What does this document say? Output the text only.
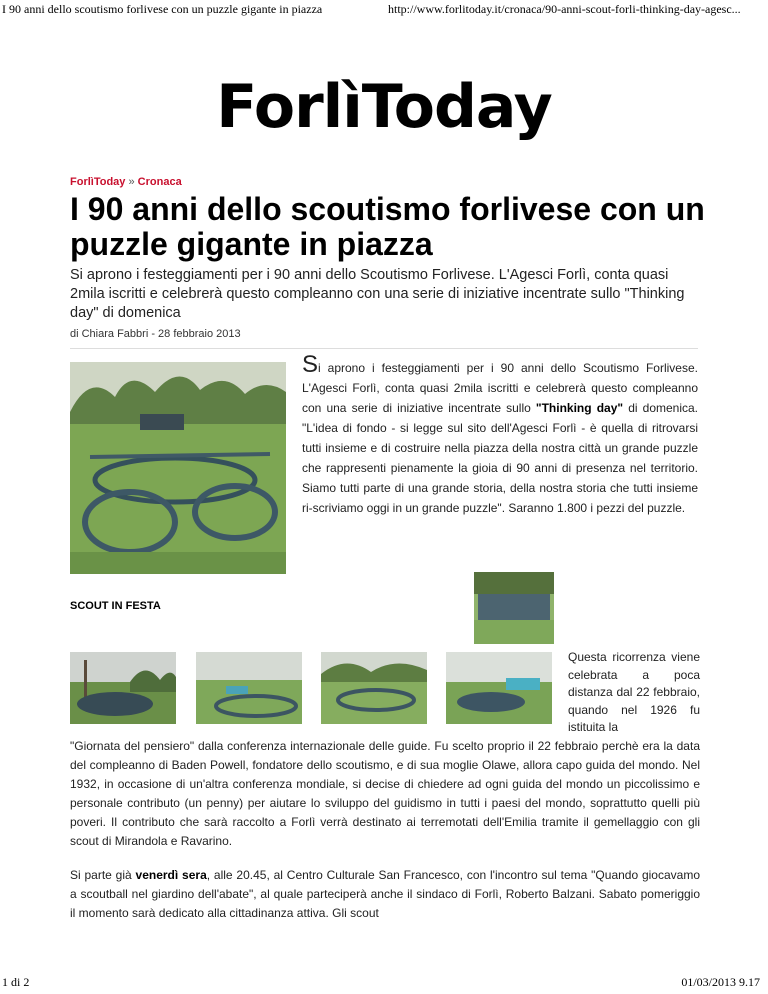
I 90 anni dello scoutismo forlivese con un puzzle gigante in piazza	http://www.forlitoday.it/cronaca/90-anni-scout-forli-thinking-day-agesc...
ForlìToday
ForlìToday » Cronaca
I 90 anni dello scoutismo forlivese con un puzzle gigante in piazza

Si aprono i festeggiamenti per i 90 anni dello Scoutismo Forlivese. L'Agesci Forlì, conta quasi 2mila iscritti e celebrerà questo compleanno con una serie di iniziative incentrate sullo "Thinking day" di domenica

di Chiara Fabbri - 28 febbraio 2013

Si aprono i festeggiamenti per i 90 anni dello Scoutismo Forlivese. L'Agesci Forlì, conta quasi 2mila iscritti e celebrerà questo compleanno con una serie di iniziative incentrate sullo "Thinking day" di domenica. "L'idea di fondo - si legge sul sito dell'Agesci Forlì - è quella di ritrovarsi tutti insieme e di costruire nella piazza della nostra città un grande puzzle che rappresenti pienamente la gioia di 90 anni di presenza nel territorio. Siamo tutti parte di una grande storia, della nostra storia che tutti insieme ri-scriviamo oggi in un grande puzzle". Saranno 1.800 i pezzi del puzzle.

SCOUT IN FESTA

Questa ricorrenza viene celebrata a poca distanza dal 22 febbraio, quando nel 1926 fu istituita la

"Giornata del pensiero" dalla conferenza internazionale delle guide. Fu scelto proprio il 22 febbraio perchè era la data del compleanno di Baden Powell, fondatore dello scoutismo, e di sua moglie Olawe, allora capo guida del mondo. Nel 1932, in occasione di un'altra conferenza mondiale, si decise di chiedere ad ogni guida del mondo un piccolissimo e personale contributo (un penny) per aiutare lo sviluppo del guidismo in tutti i paesi del mondo, soprattutto quelli più poveri. Il contributo che sarà raccolto a Forlì verrà destinato ai terremotati dell'Emilia tramite il gemellaggio con gli scout di Mirandola e Ravarino.

Si parte già venerdì sera, alle 20.45, al Centro Culturale San Francesco, con l'incontro sul tema "Quando giocavamo a scoutball nel giardino dell'abate", al quale parteciperà anche il sindaco di Forlì, Roberto Balzani. Sabato pomeriggio il momento sarà dedicato alla cittadinanza attiva. Gli scout

1 di 2	01/03/2013 9.17
